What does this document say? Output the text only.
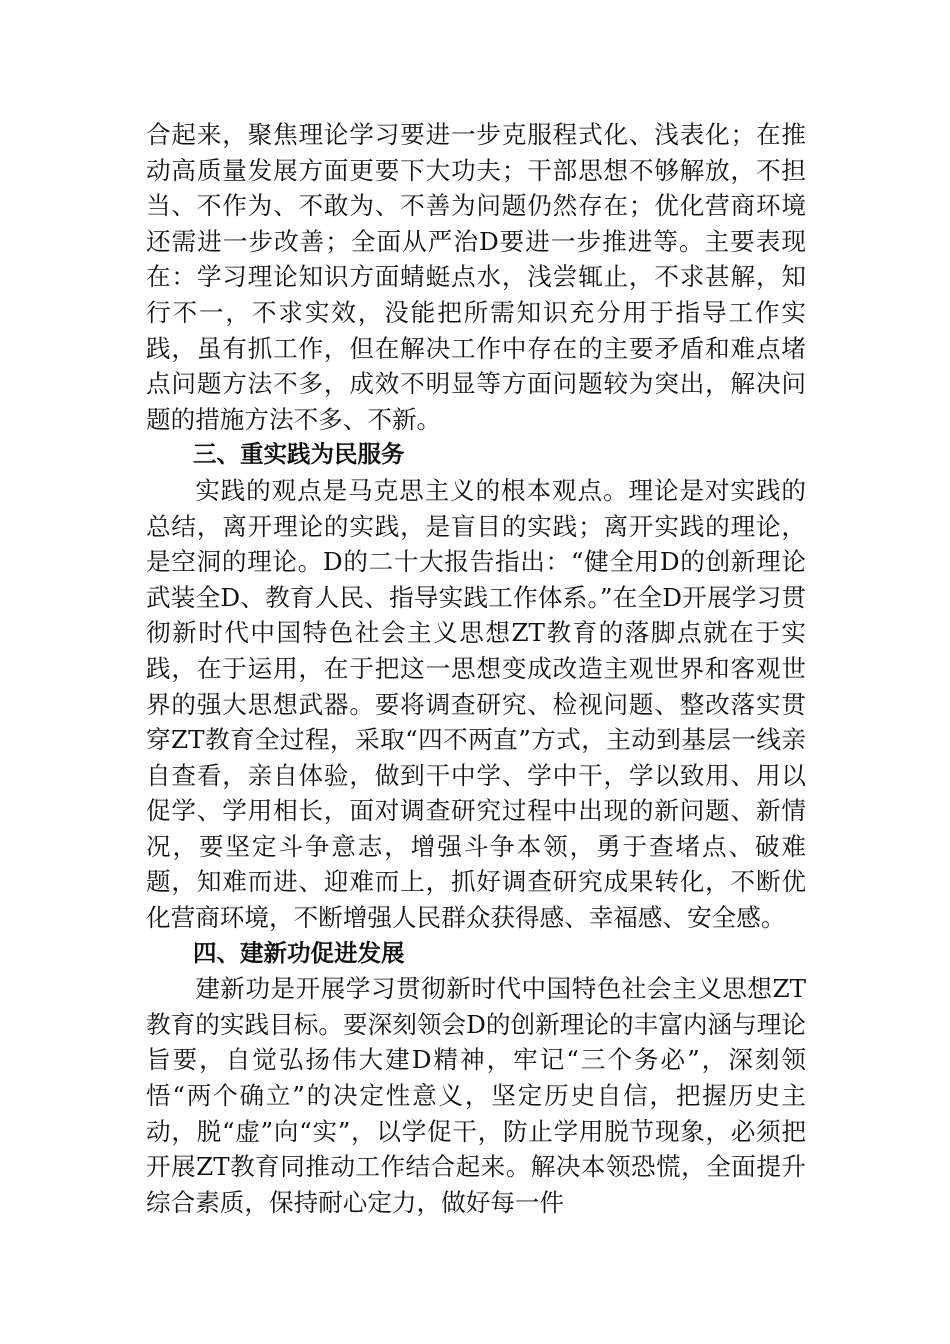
合起来，聚焦理论学习要进一步克服程式化、浅表化；在推动高质量发展方面更要下大功夫；干部思想不够解放，不担当、不作为、不敢为、不善为问题仍然存在；优化营商环境还需进一步改善；全面从严治D要进一步推进等。主要表现在：学习理论知识方面蜻蜓点水，浅尝辄止，不求甚解，知行不一，不求实效，没能把所需知识充分用于指导工作实践，虽有抓工作，但在解决工作中存在的主要矛盾和难点堵点问题方法不多，成效不明显等方面问题较为突出，解决问题的措施方法不多、不新。

三、重实践为民服务

实践的观点是马克思主义的根本观点。理论是对实践的总结，离开理论的实践，是盲目的实践；离开实践的理论，是空洞的理论。D的二十大报告指出：“健全用D的创新理论武装全D、教育人民、指导实践工作体系。”在全D开展学习贯彻新时代中国特色社会主义思想ZT教育的落脚点就在于实践，在于运用，在于把这一思想变成改造主观世界和客观世界的强大思想武器。要将调查研究、检视问题、整改落实贯穿ZT教育全过程，采取“四不两直”方式，主动到基层一线亲自查看，亲自体验，做到干中学、学中干，学以致用、用以促学、学用相长，面对调查研究过程中出现的新问题、新情况，要坚定斗争意志，增强斗争本领，勇于查堵点、破难题，知难而进、迎难而上，抓好调查研究成果转化，不断优化营商环境，不断增强人民群众获得感、幸福感、安全感。

四、建新功促进发展

建新功是开展学习贯彻新时代中国特色社会主义思想ZT教育的实践目标。要深刻领会D的创新理论的丰富内涵与理论旨要，自觉弘扬伟大建D精神，牢记“三个务必”，深刻领悟“两个确立”的决定性意义，坚定历史自信，把握历史主动，脱“虚”向“实”，以学促干，防止学用脱节现象，必须把开展ZT教育同推动工作结合起来。解决本领恐慌，全面提升综合素质，保持耐心定力，做好每一件
